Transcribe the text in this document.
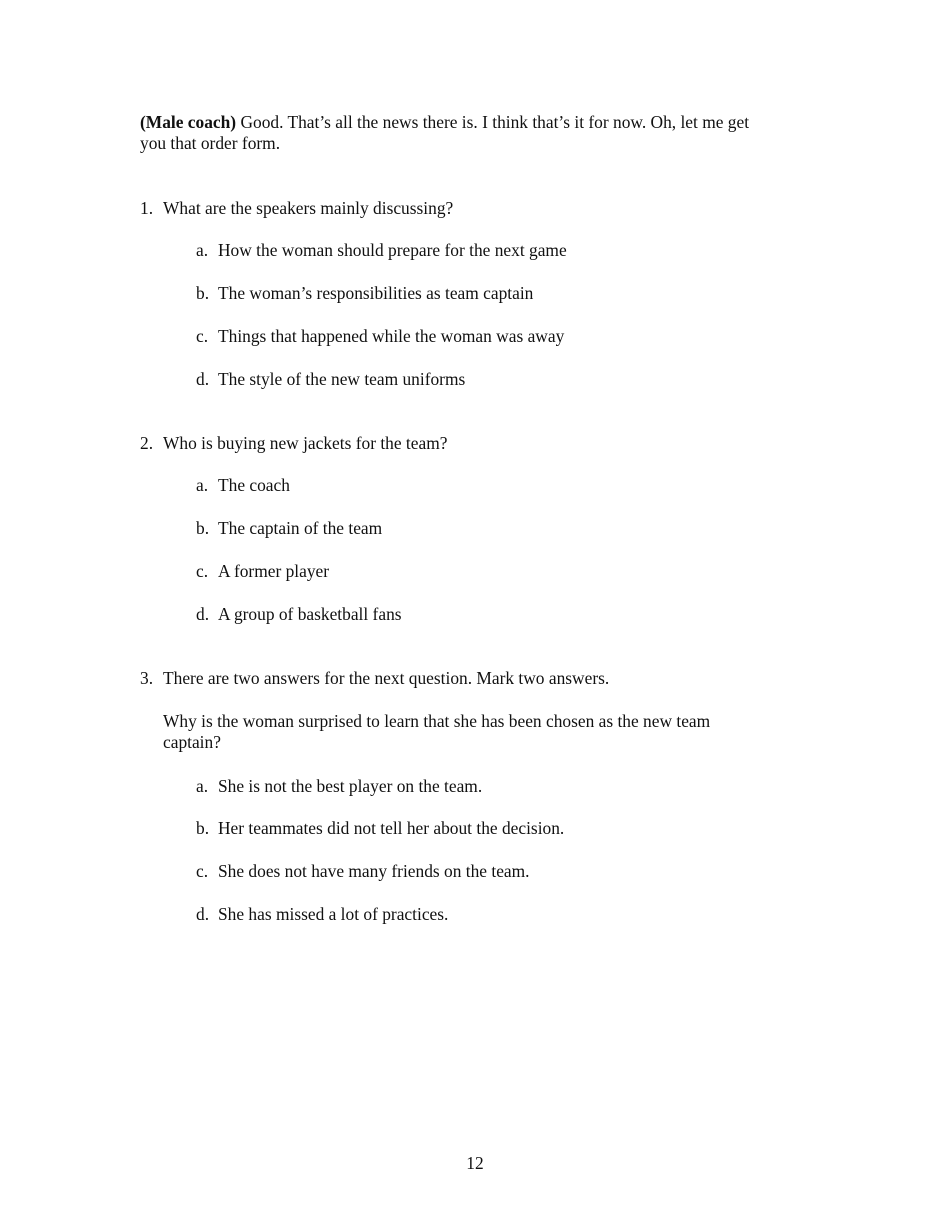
(Male coach) Good. That’s all the news there is. I think that’s it for now. Oh, let me get
you that order form.
1. What are the speakers mainly discussing?
a. How the woman should prepare for the next game
b. The woman’s responsibilities as team captain
c. Things that happened while the woman was away
d. The style of the new team uniforms
2. Who is buying new jackets for the team?
a. The coach
b. The captain of the team
c. A former player
d. A group of basketball fans
3. There are two answers for the next question. Mark two answers.
Why is the woman surprised to learn that she has been chosen as the new team
captain?
a. She is not the best player on the team.
b. Her teammates did not tell her about the decision.
c. She does not have many friends on the team.
d. She has missed a lot of practices.
12
